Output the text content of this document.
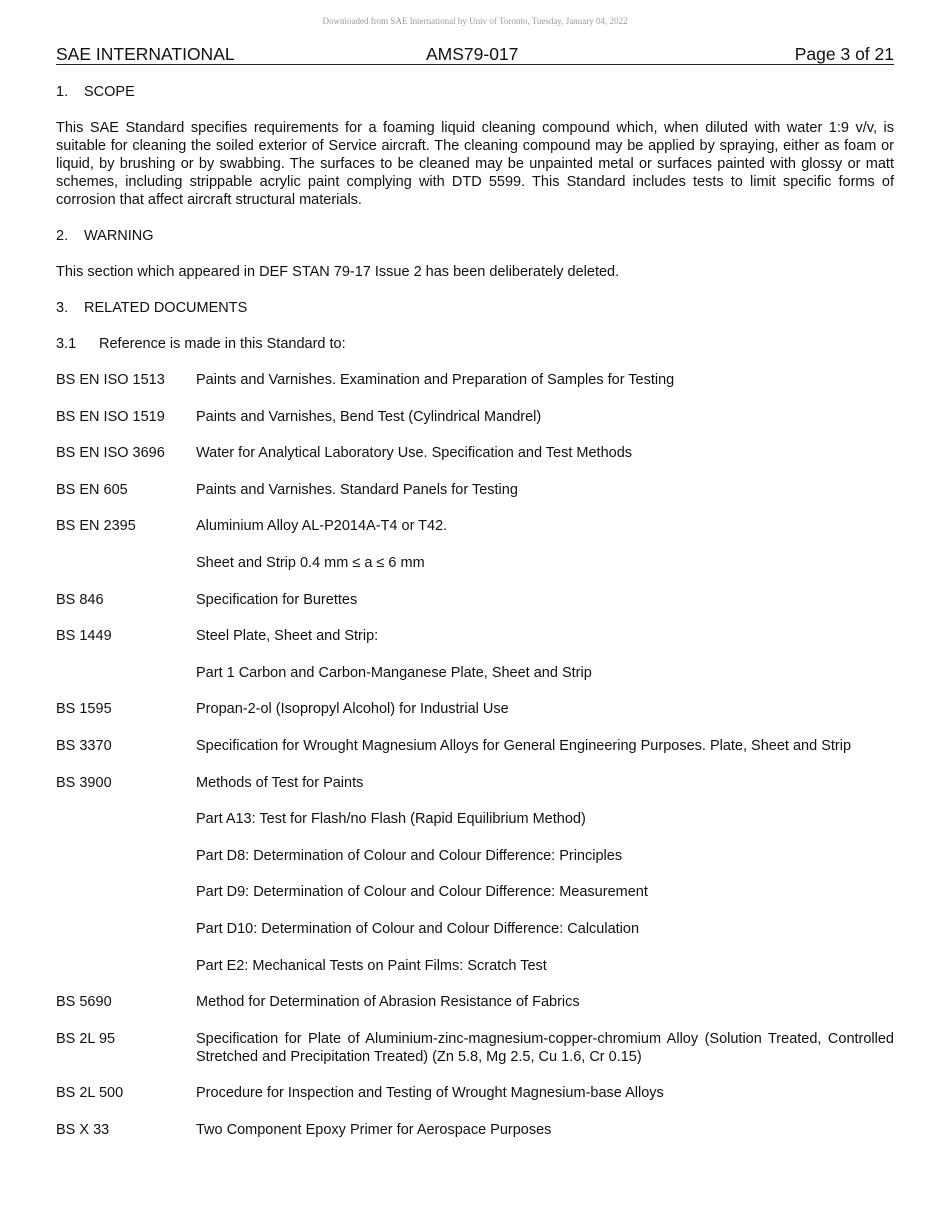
Downloaded from SAE International by Univ of Toronto, Tuesday, January 04, 2022
SAE INTERNATIONAL	AMS79-017	Page 3 of 21
1. SCOPE

This SAE Standard specifies requirements for a foaming liquid cleaning compound which, when diluted with water 1:9 v/v, is suitable for cleaning the soiled exterior of Service aircraft. The cleaning compound may be applied by spraying, either as foam or liquid, by brushing or by swabbing. The surfaces to be cleaned may be unpainted metal or surfaces painted with glossy or matt schemes, including strippable acrylic paint complying with DTD 5599. This Standard includes tests to limit specific forms of corrosion that affect aircraft structural materials.

2. WARNING

This section which appeared in DEF STAN 79-17 Issue 2 has been deliberately deleted.

3. RELATED DOCUMENTS
3.1 Reference is made in this Standard to:
BS EN ISO 1513	Paints and Varnishes. Examination and Preparation of Samples for Testing
BS EN ISO 1519	Paints and Varnishes, Bend Test (Cylindrical Mandrel)
BS EN ISO 3696	Water for Analytical Laboratory Use. Specification and Test Methods
BS EN 605	Paints and Varnishes. Standard Panels for Testing
BS EN 2395	Aluminium Alloy AL-P2014A-T4 or T42.
Sheet and Strip 0.4 mm ≤ a ≤ 6 mm
BS 846	Specification for Burettes
BS 1449	Steel Plate, Sheet and Strip:
Part 1 Carbon and Carbon-Manganese Plate, Sheet and Strip
BS 1595	Propan-2-ol (Isopropyl Alcohol) for Industrial Use
BS 3370	Specification for Wrought Magnesium Alloys for General Engineering Purposes. Plate, Sheet and Strip
BS 3900	Methods of Test for Paints
Part A13: Test for Flash/no Flash (Rapid Equilibrium Method)
Part D8: Determination of Colour and Colour Difference: Principles
Part D9: Determination of Colour and Colour Difference: Measurement
Part D10: Determination of Colour and Colour Difference: Calculation
Part E2: Mechanical Tests on Paint Films: Scratch Test
BS 5690	Method for Determination of Abrasion Resistance of Fabrics
BS 2L 95	Specification for Plate of Aluminium-zinc-magnesium-copper-chromium Alloy (Solution Treated, Controlled Stretched and Precipitation Treated) (Zn 5.8, Mg 2.5, Cu 1.6, Cr 0.15)
BS 2L 500	Procedure for Inspection and Testing of Wrought Magnesium-base Alloys
BS X 33	Two Component Epoxy Primer for Aerospace Purposes
